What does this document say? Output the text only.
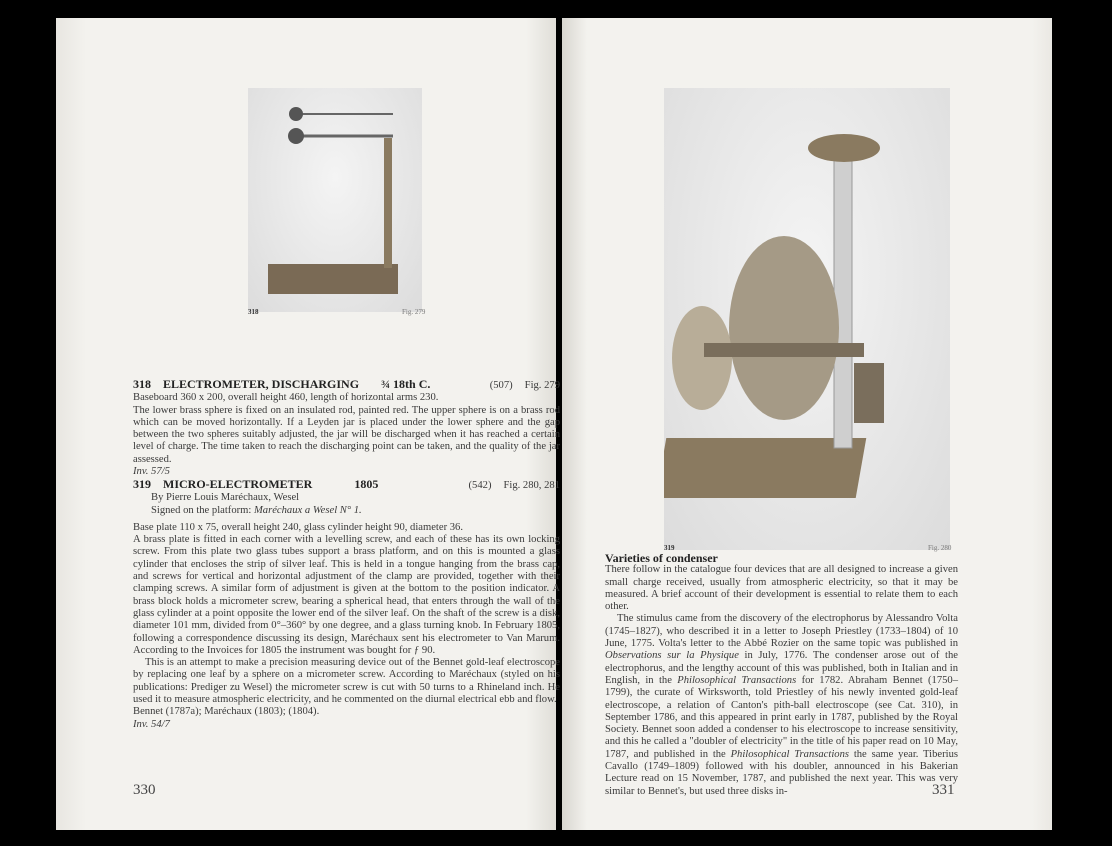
318	Fig. 279

318 ELECTROMETER, DISCHARGING ¾ 18th C.	(507) Fig. 279

Baseboard 360 x 200, overall height 460, length of horizontal arms 230.

The lower brass sphere is fixed on an insulated rod, painted red. The upper sphere is on a brass rod which can be moved horizontally. If a Leyden jar is placed under the lower sphere and the gap between the two spheres suitably adjusted, the jar will be discharged when it has reached a certain level of charge. The time taken to reach the discharging point can be taken, and the quality of the jar assessed.

Inv. 57/5

319 MICRO-ELECTROMETER	1805	(542) Fig. 280, 281

By Pierre Louis Maréchaux, Wesel

Signed on the platform: Maréchaux a Wesel N° 1.

Base plate 110 x 75, overall height 240, glass cylinder height 90, diameter 36.

A brass plate is fitted in each corner with a levelling screw, and each of these has its own locking screw. From this plate two glass tubes support a brass platform, and on this is mounted a glass cylinder that encloses the strip of silver leaf. This is held in a tongue hanging from the brass cap, and screws for vertical and horizontal adjustment of the clamp are provided, together with their clamping screws. A similar form of adjustment is given at the bottom to the position indicator. A brass block holds a micrometer screw, bearing a spherical head, that enters through the wall of the glass cylinder at a point opposite the lower end of the silver leaf. On the shaft of the screw is a disk, diameter 101 mm, divided from 0°–360° by one degree, and a glass turning knob. In February 1805, following a correspondence discussing its design, Maréchaux sent his electrometer to Van Marum. According to the Invoices for 1805 the instrument was bought for ƒ 90.

This is an attempt to make a precision measuring device out of the Bennet gold-leaf electroscope by replacing one leaf by a sphere on a micrometer screw. According to Maréchaux (styled on his publications: Prediger zu Wesel) the micrometer screw is cut with 50 turns to a Rhineland inch. He used it to measure atmospheric electricity, and he commented on the diurnal electrical ebb and flow.

Bennet (1787a); Maréchaux (1803); (1804).

Inv. 54/7

330
319	Fig. 280

Varieties of condenser

There follow in the catalogue four devices that are all designed to increase a given small charge received, usually from atmospheric electricity, so that it may be measured. A brief account of their development is essential to relate them to each other.

The stimulus came from the discovery of the electrophorus by Alessandro Volta (1745–1827), who described it in a letter to Joseph Priestley (1733–1804) of 10 June, 1775. Volta's letter to the Abbé Rozier on the same topic was published in Observations sur la Physique in July, 1776. The condenser arose out of the electrophorus, and the lengthy account of this was published, both in Italian and in English, in the Philosophical Transactions for 1782. Abraham Bennet (1750–1799), the curate of Wirksworth, told Priestley of his newly invented gold-leaf electroscope, a relation of Canton's pith-ball electroscope (see Cat. 310), in September 1786, and this appeared in print early in 1787, published by the Royal Society. Bennet soon added a condenser to his electroscope to increase sensitivity, and this he called a "doubler of electricity" in the title of his paper read on 10 May, 1787, and published in the Philosophical Transactions the same year. Tiberius Cavallo (1749–1809) followed with his doubler, announced in his Bakerian Lecture read on 15 November, 1787, and published the next year. This was very similar to Bennet's, but used three disks in-	331
